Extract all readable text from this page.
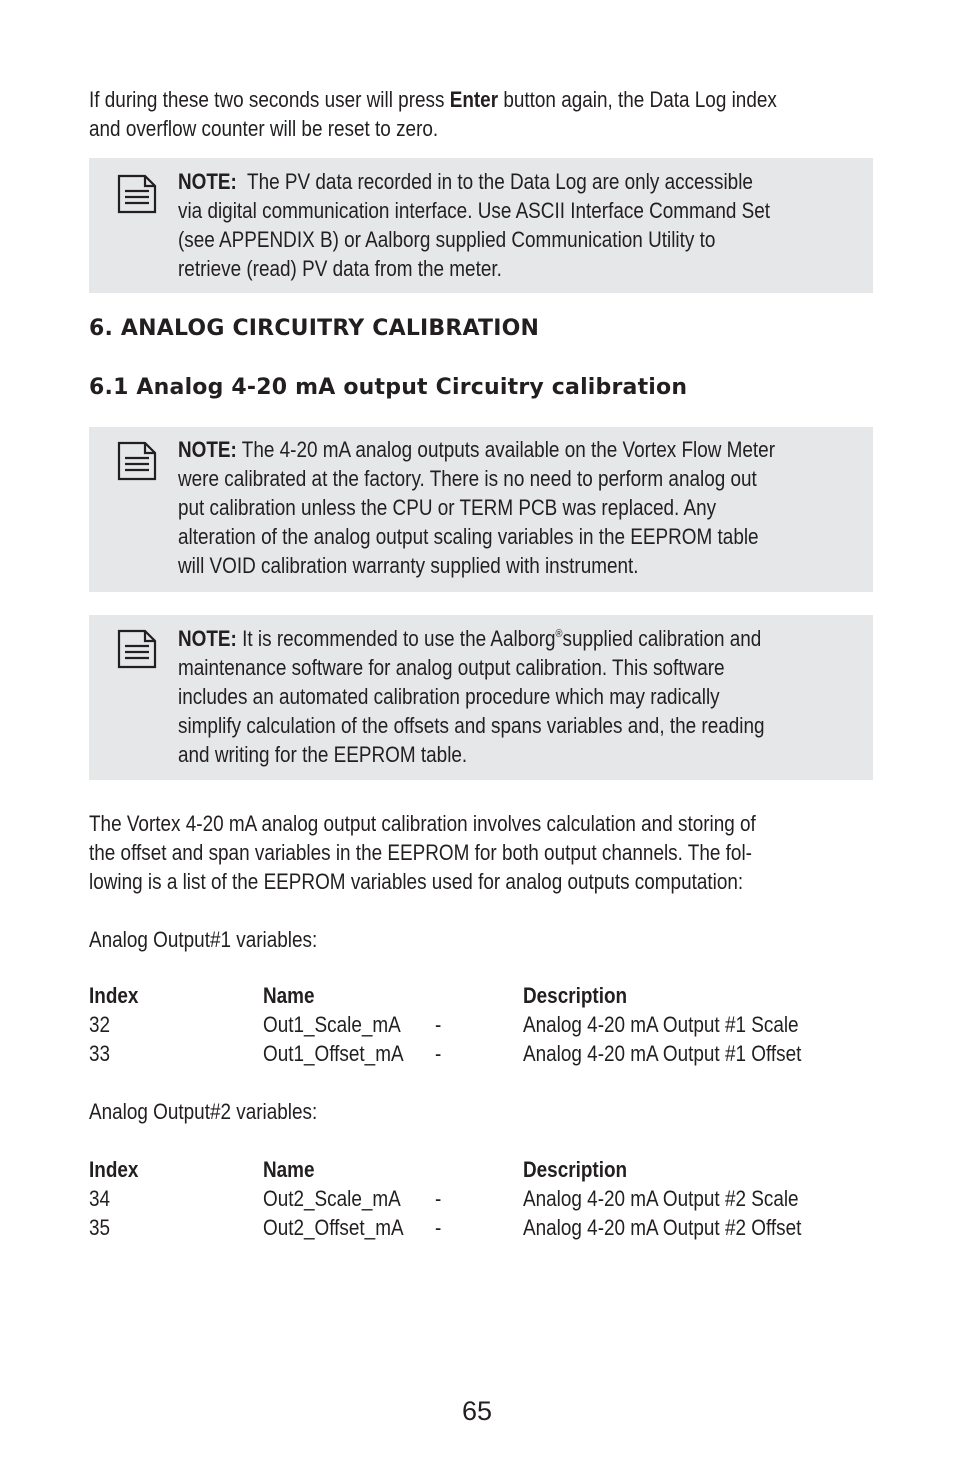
If during these two seconds user will press Enter button again, the Data Log index
and overflow counter will be reset to zero.
NOTE:  The PV data recorded in to the Data Log are only accessible
via digital communication interface. Use ASCII Interface Command Set
(see APPENDIX B) or Aalborg supplied Communication Utility to
retrieve (read) PV data from the meter.
6. ANALOG CIRCUITRY CALIBRATION
6.1 Analog 4-20 mA output Circuitry calibration
NOTE: The 4-20 mA analog outputs available on the Vortex Flow Meter
were calibrated at the factory. There is no need to perform analog out
put calibration unless the CPU or TERM PCB was replaced. Any
alteration of the analog output scaling variables in the EEPROM table
will VOID calibration warranty supplied with instrument.
NOTE: It is recommended to use the Aalborg®supplied calibration and
maintenance software for analog output calibration. This software
includes an automated calibration procedure which may radically
simplify calculation of the offsets and spans variables and, the reading
and writing for the EEPROM table.
The Vortex 4-20 mA analog output calibration involves calculation and storing of
the offset and span variables in the EEPROM for both output channels. The fol-
lowing is a list of the EEPROM variables used for analog outputs computation:
Analog Output#1 variables:
Index	Name	Description
32	Out1_Scale_mA -	Analog 4-20 mA Output #1 Scale
33	Out1_Offset_mA -	Analog 4-20 mA Output #1 Offset
Analog Output#2 variables:
Index	Name	Description
34	Out2_Scale_mA -	Analog 4-20 mA Output #2 Scale
35	Out2_Offset_mA -	Analog 4-20 mA Output #2 Offset
65
